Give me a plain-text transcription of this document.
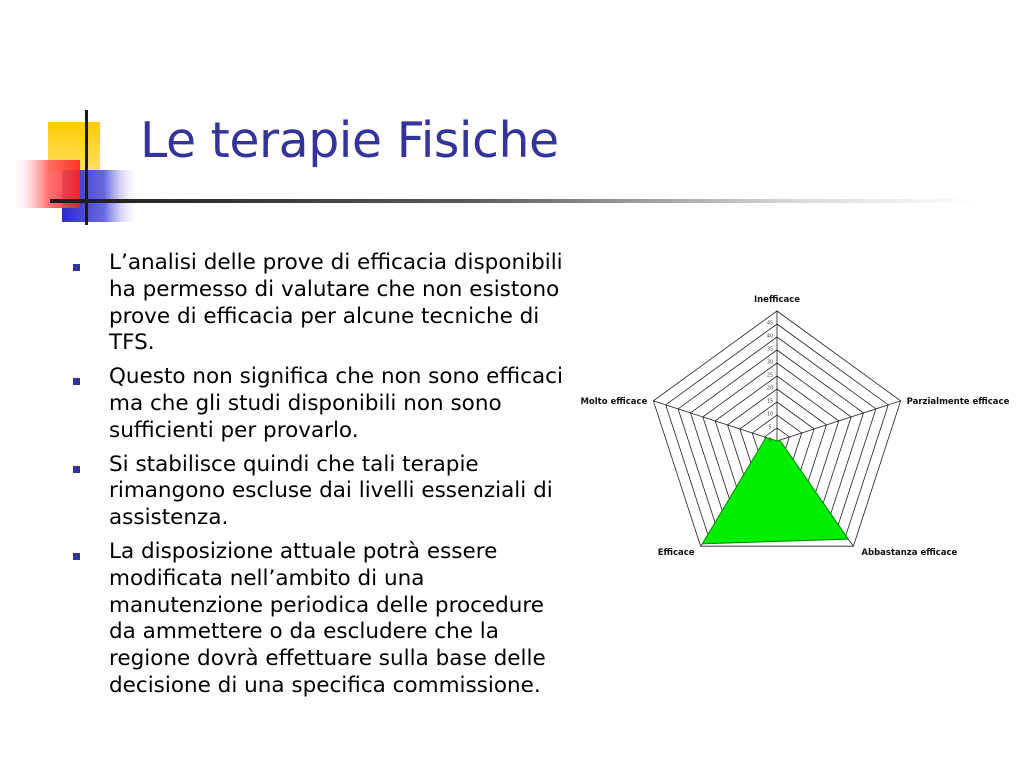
Le terapie Fisiche
L’analisi delle prove di efficacia disponibili ha permesso di valutare che non esistono prove di efficacia per alcune tecniche di TFS.
Questo non significa che non sono efficaci ma che gli studi disponibili non sono sufficienti per provarlo.
Si stabilisce quindi che tali terapie rimangono escluse dai livelli essenziali di assistenza.
La disposizione attuale potrà essere modificata nell’ambito di una manutenzione periodica delle procedure da ammettere o da escludere che la regione dovrà effettuare sulla base delle decisione di una specifica commissione.
0
5
10
15
20
25
30
35
40
45
Inefficace
Parzialmente efficace
Abbastanza efficace
Efficace
Molto efficace
